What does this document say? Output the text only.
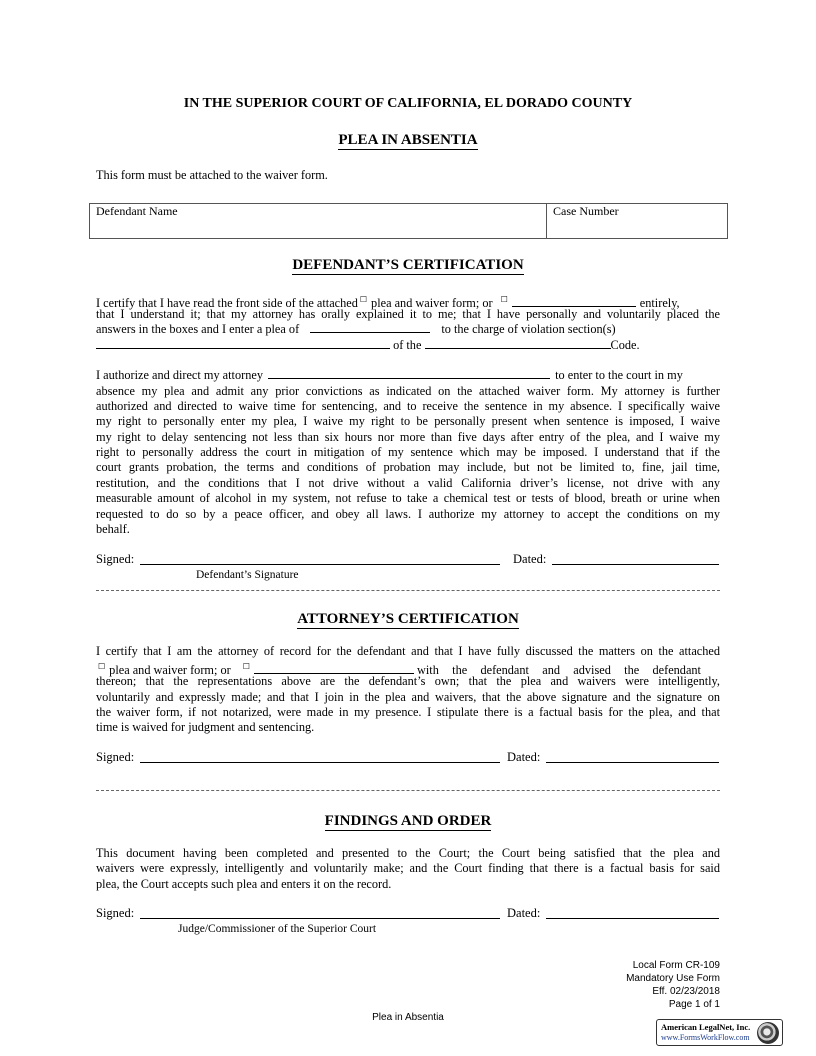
IN THE SUPERIOR COURT OF CALIFORNIA, EL DORADO COUNTY
PLEA IN ABSENTIA
This form must be attached to the waiver form.
Defendant Name	Case Number
DEFENDANT’S CERTIFICATION
I certify that I have read the front side of the attached ☐ plea and waiver form; or ☐	entirely,
that I understand it; that my attorney has orally explained it to me; that I have personally and voluntarily placed the
answers in the boxes and I enter a plea of	to the charge of violation section(s)
of the	Code.
I authorize and direct my attorney	to enter to the court in my
absence my plea and admit any prior convictions as indicated on the attached waiver form. My attorney is further
authorized and directed to waive time for sentencing, and to receive the sentence in my absence. I specifically waive
my right to personally enter my plea, I waive my right to be personally present when sentence is imposed, I waive
my right to delay sentencing not less than six hours nor more than five days after entry of the plea, and I waive my
right to personally address the court in mitigation of my sentence which may be imposed. I understand that if the
court grants probation, the terms and conditions of probation may include, but not be limited to, fine, jail time,
restitution, and the conditions that I not drive without a valid California driver’s license, not drive with any
measurable amount of alcohol in my system, not refuse to take a chemical test or tests of blood, breath or urine when
requested to do so by a peace officer, and obey all laws. I authorize my attorney to accept the conditions on my
behalf.
Signed:	Dated:
Defendant’s Signature
ATTORNEY’S CERTIFICATION
I certify that I am the attorney of record for the defendant and that I have fully discussed the matters on the attached
☐ plea and waiver form; or ☐	with the defendant and advised the defendant
thereon; that the representations above are the defendant’s own; that the plea and waivers were intelligently,
voluntarily and expressly made; and that I join in the plea and waivers, that the above signature and the signature on
the waiver form, if not notarized, were made in my presence. I stipulate there is a factual basis for the plea, and that
time is waived for judgment and sentencing.
Signed:	Dated:
FINDINGS AND ORDER
This document having been completed and presented to the Court; the Court being satisfied that the plea and
waivers were expressly, intelligently and voluntarily make; and the Court finding that there is a factual basis for said
plea, the Court accepts such plea and enters it on the record.
Signed:	Dated:
Judge/Commissioner of the Superior Court
Local Form CR-109
Mandatory Use Form
Eff. 02/23/2018
Page 1 of 1
Plea in Absentia
American LegalNet, Inc.
www.FormsWorkFlow.com
